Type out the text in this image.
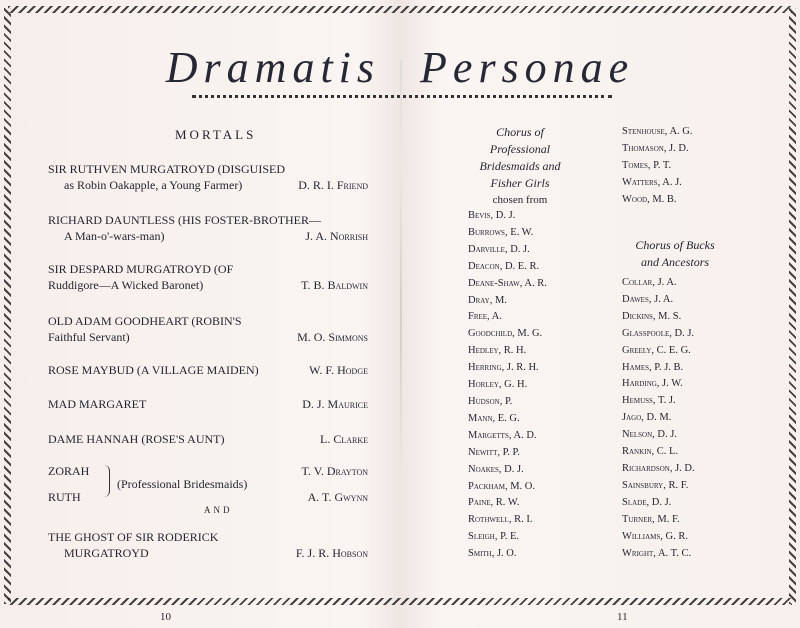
Dramatis Personae
MORTALS
SIR RUTHVEN MURGATROYD (DISGUISED
as Robin Oakapple, a Young Farmer)	D. R. I. Friend
RICHARD DAUNTLESS (HIS FOSTER-BROTHER—
A Man-o'-wars-man)	J. A. Norrish
SIR DESPARD MURGATROYD (OF
Ruddigore—A Wicked Baronet)	T. B. Baldwin
OLD ADAM GOODHEART (ROBIN'S
Faithful Servant)	M. O. Simmons
ROSE MAYBUD (A VILLAGE MAIDEN)	W. F. Hodge
MAD MARGARET	D. J. Maurice
DAME HANNAH (ROSE'S AUNT)	L. Clarke
ZORAH	T. V. Drayton
(Professional Bridesmaids)
RUTH	A. T. Gwynn
AND
THE GHOST OF SIR RODERICK
MURGATROYD	F. J. R. Hobson
Chorus of
Professional
Bridesmaids and
Fisher Girls
chosen from
Bevis, D. J.
Burrows, E. W.
Darville, D. J.
Deacon, D. E. R.
Deane-Shaw, A. R.
Dray, M.
Free, A.
Goodchild, M. G.
Hedley, R. H.
Herring, J. R. H.
Horley, G. H.
Hudson, P.
Mann, E. G.
Margetts, A. D.
Newitt, P. P.
Noakes, D. J.
Packham, M. O.
Paine, R. W.
Rothwell, R. I.
Sleigh, P. E.
Smith, J. O.
Stenhouse, A. G.
Thomason, J. D.
Tomes, P. T.
Watters, A. J.
Wood, M. B.
Chorus of Bucks
and Ancestors
Collar, J. A.
Dawes, J. A.
Dickins, M. S.
Glasspoole, D. J.
Greely, C. E. G.
Hames, P. J. B.
Harding, J. W.
Hemuss, T. J.
Jago, D. M.
Nelson, D. J.
Rankin, C. L.
Richardson, J. D.
Sainsbury, R. F.
Slade, D. J.
Turner, M. F.
Williams, G. R.
Wright, A. T. C.
10	11
